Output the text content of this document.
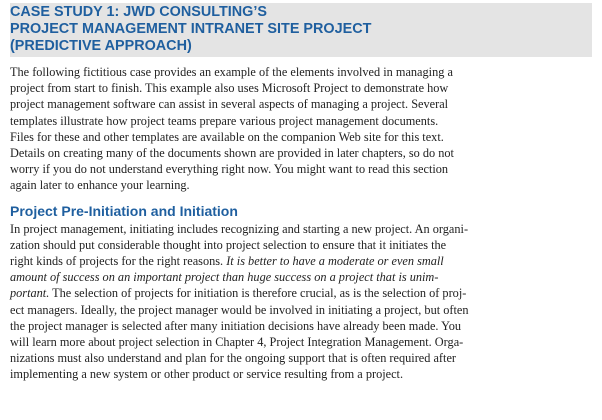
CASE STUDY 1: JWD CONSULTING’S
PROJECT MANAGEMENT INTRANET SITE PROJECT
(PREDICTIVE APPROACH)
The following fictitious case provides an example of the elements involved in managing a
project from start to finish. This example also uses Microsoft Project to demonstrate how
project management software can assist in several aspects of managing a project. Several
templates illustrate how project teams prepare various project management documents.
Files for these and other templates are available on the companion Web site for this text.
Details on creating many of the documents shown are provided in later chapters, so do not
worry if you do not understand everything right now. You might want to read this section
again later to enhance your learning.
Project Pre-Initiation and Initiation
In project management, initiating includes recognizing and starting a new project. An organi-
zation should put considerable thought into project selection to ensure that it initiates the
right kinds of projects for the right reasons. It is better to have a moderate or even small
amount of success on an important project than huge success on a project that is unim-
portant. The selection of projects for initiation is therefore crucial, as is the selection of proj-
ect managers. Ideally, the project manager would be involved in initiating a project, but often
the project manager is selected after many initiation decisions have already been made. You
will learn more about project selection in Chapter 4, Project Integration Management. Orga-
nizations must also understand and plan for the ongoing support that is often required after
implementing a new system or other product or service resulting from a project.
